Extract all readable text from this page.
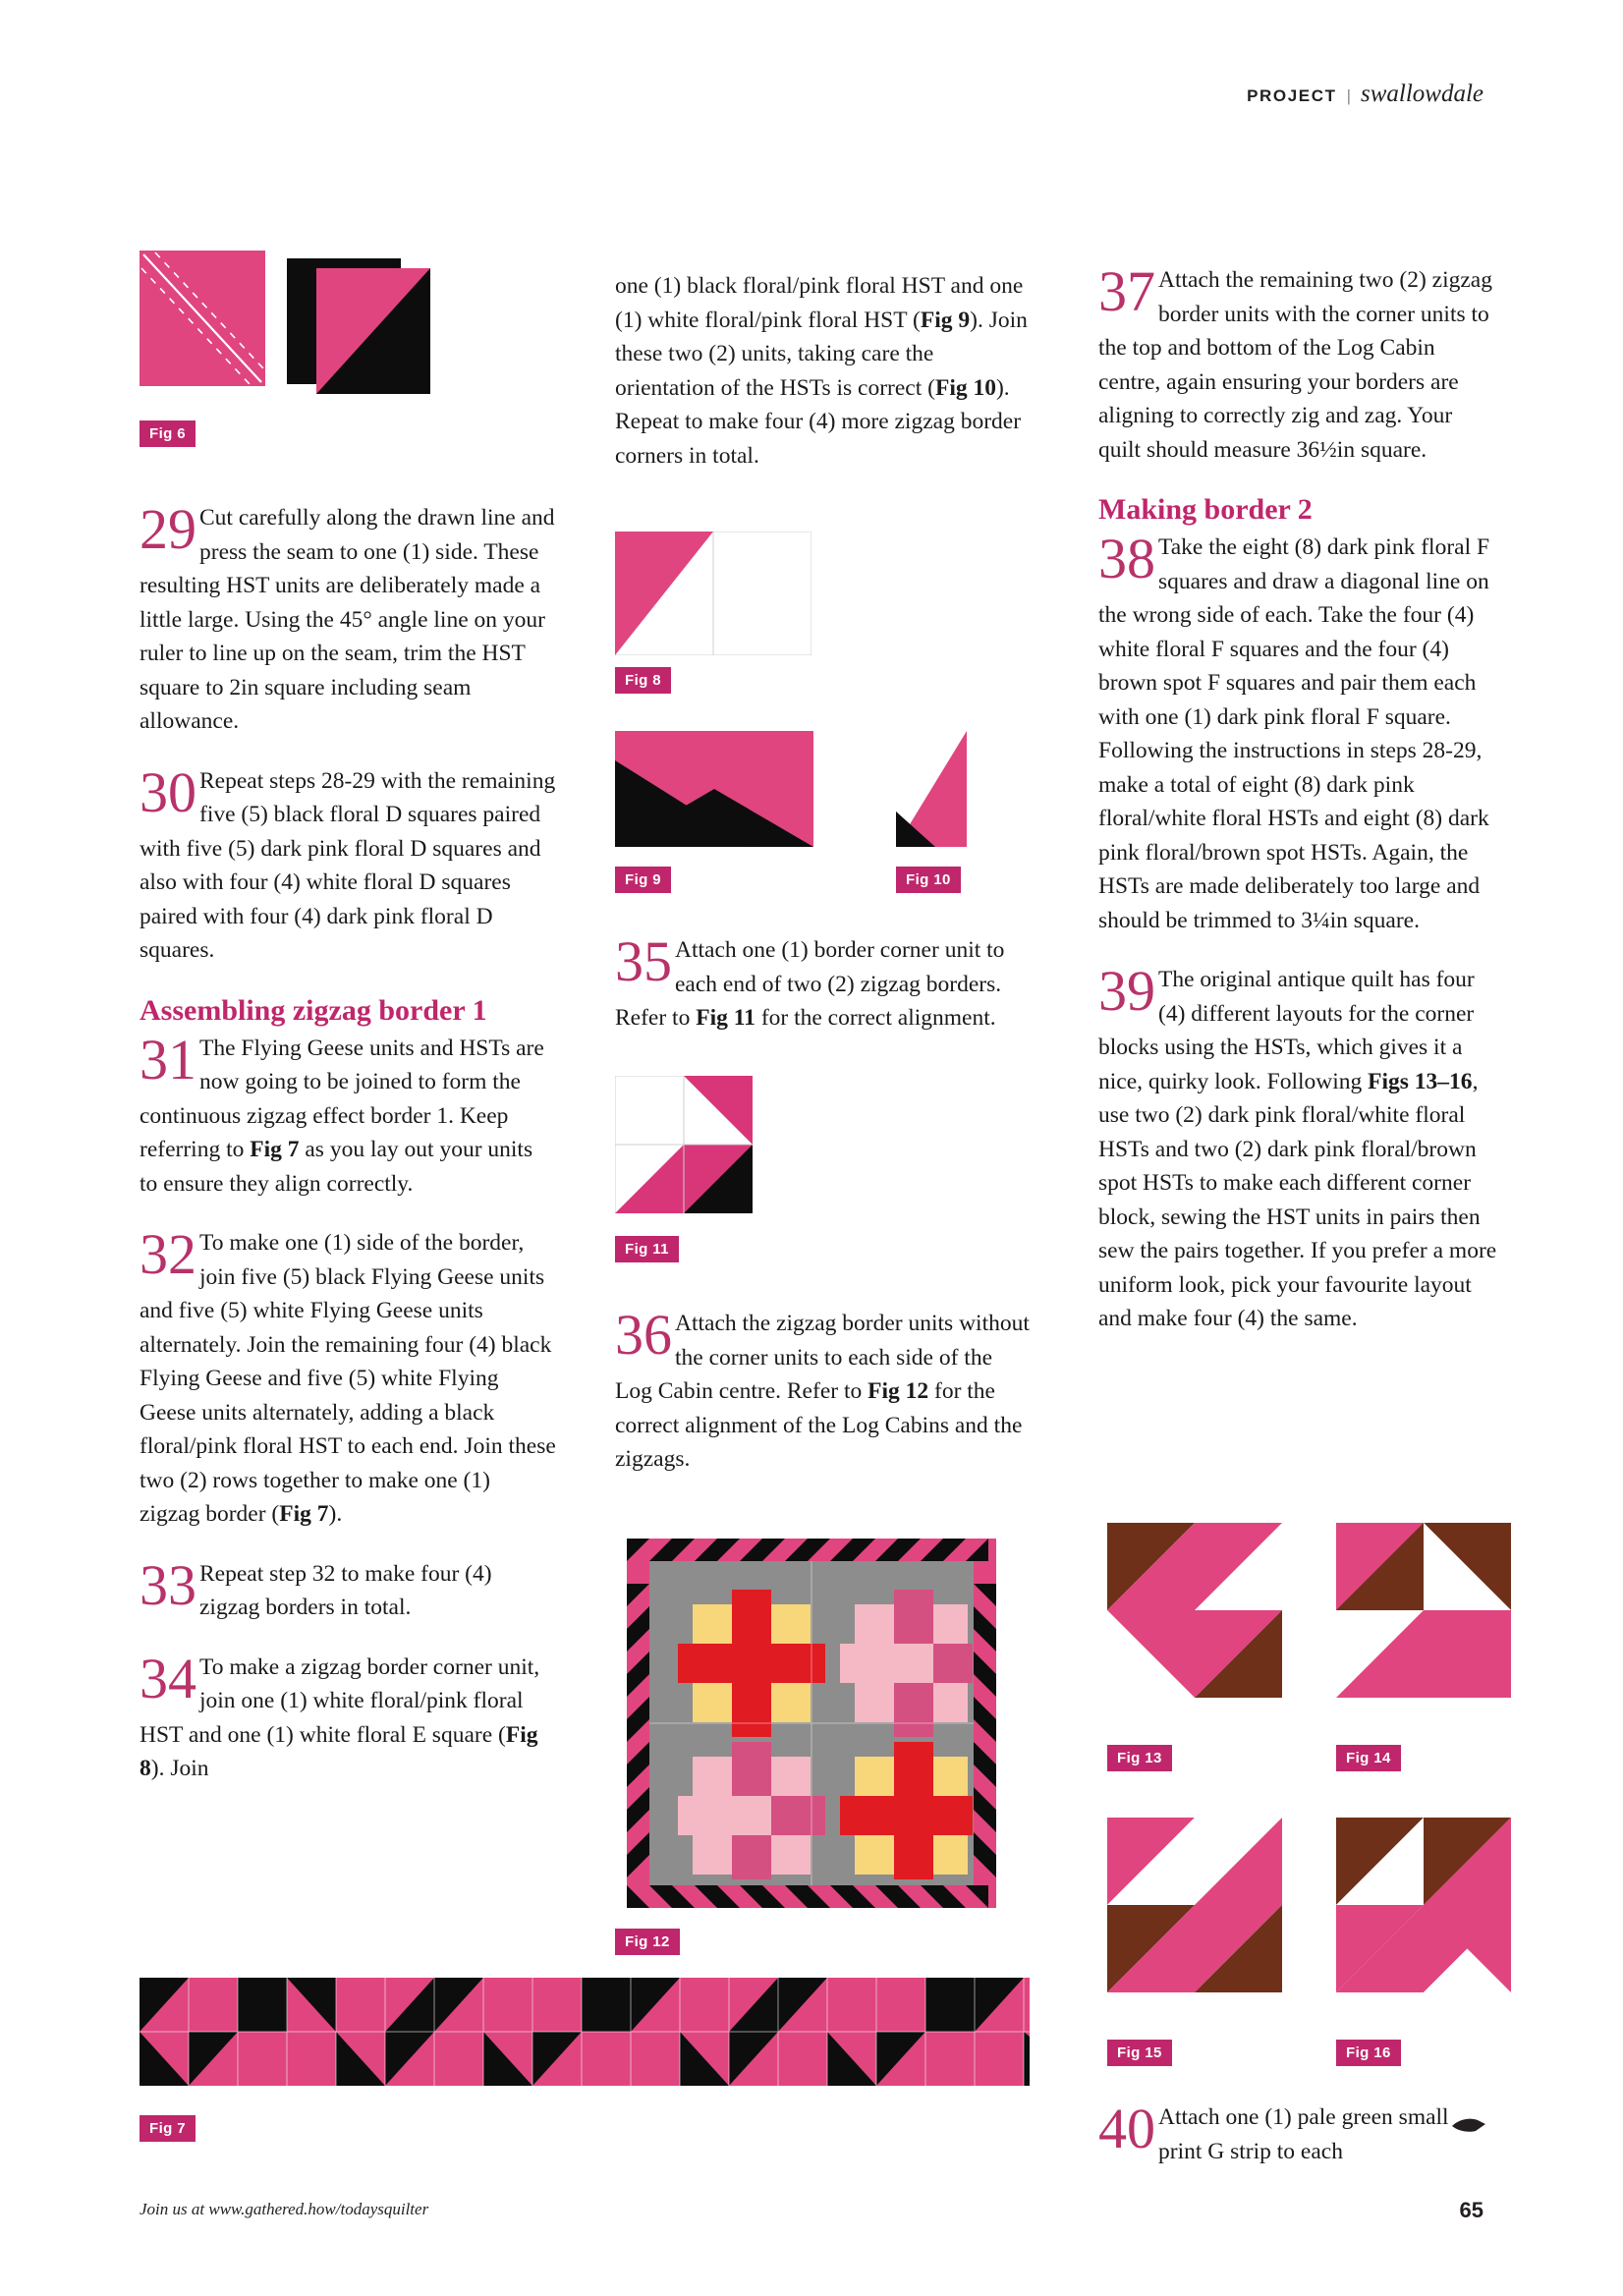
PROJECT | swallowdale
Fig 6
29 Cut carefully along the drawn line and press the seam to one (1) side. These resulting HST units are deliberately made a little large. Using the 45° angle line on your ruler to line up on the seam, trim the HST square to 2in square including seam allowance.
30 Repeat steps 28-29 with the remaining five (5) black floral D squares paired with five (5) dark pink floral D squares and also with four (4) white floral D squares paired with four (4) dark pink floral D squares.
Assembling zigzag border 1
31 The Flying Geese units and HSTs are now going to be joined to form the continuous zigzag effect border 1. Keep referring to Fig 7 as you lay out your units to ensure they align correctly.
32 To make one (1) side of the border, join five (5) black Flying Geese units and five (5) white Flying Geese units alternately. Join the remaining four (4) black Flying Geese and five (5) white Flying Geese units alternately, adding a black floral/pink floral HST to each end. Join these two (2) rows together to make one (1) zigzag border (Fig 7).
33 Repeat step 32 to make four (4) zigzag borders in total.
34 To make a zigzag border corner unit, join one (1) white floral/pink floral HST and one (1) white floral E square (Fig 8). Join
Fig 7

one (1) black floral/pink floral HST and one (1) white floral/pink floral HST (Fig 9). Join these two (2) units, taking care the orientation of the HSTs is correct (Fig 10). Repeat to make four (4) more zigzag border corners in total.

Fig 8
Fig 9	Fig 10
35 Attach one (1) border corner unit to each end of two (2) zigzag borders. Refer to Fig 11 for the correct alignment.
Fig 11
36 Attach the zigzag border units without the corner units to each side of the Log Cabin centre. Refer to Fig 12 for the correct alignment of the Log Cabins and the zigzags.
Fig 12
37 Attach the remaining two (2) zigzag border units with the corner units to the top and bottom of the Log Cabin centre, again ensuring your borders are aligning to correctly zig and zag. Your quilt should measure 36½in square.
Making border 2
38 Take the eight (8) dark pink floral F squares and draw a diagonal line on the wrong side of each. Take the four (4) white floral F squares and the four (4) brown spot F squares and pair them each with one (1) dark pink floral F square. Following the instructions in steps 28-29, make a total of eight (8) dark pink floral/white floral HSTs and eight (8) dark pink floral/brown spot HSTs. Again, the HSTs are made deliberately too large and should be trimmed to 3¼in square.
39 The original antique quilt has four (4) different layouts for the corner blocks using the HSTs, which gives it a nice, quirky look. Following Figs 13–16, use two (2) dark pink floral/white floral HSTs and two (2) dark pink floral/brown spot HSTs to make each different corner block, sewing the HST units in pairs then sew the pairs together. If you prefer a more uniform look, pick your favourite layout and make four (4) the same.
Fig 13	Fig 14
Fig 15	Fig 16
40 Attach one (1) pale green small print G strip to each
Join us at www.gathered.how/todaysquilter	65
